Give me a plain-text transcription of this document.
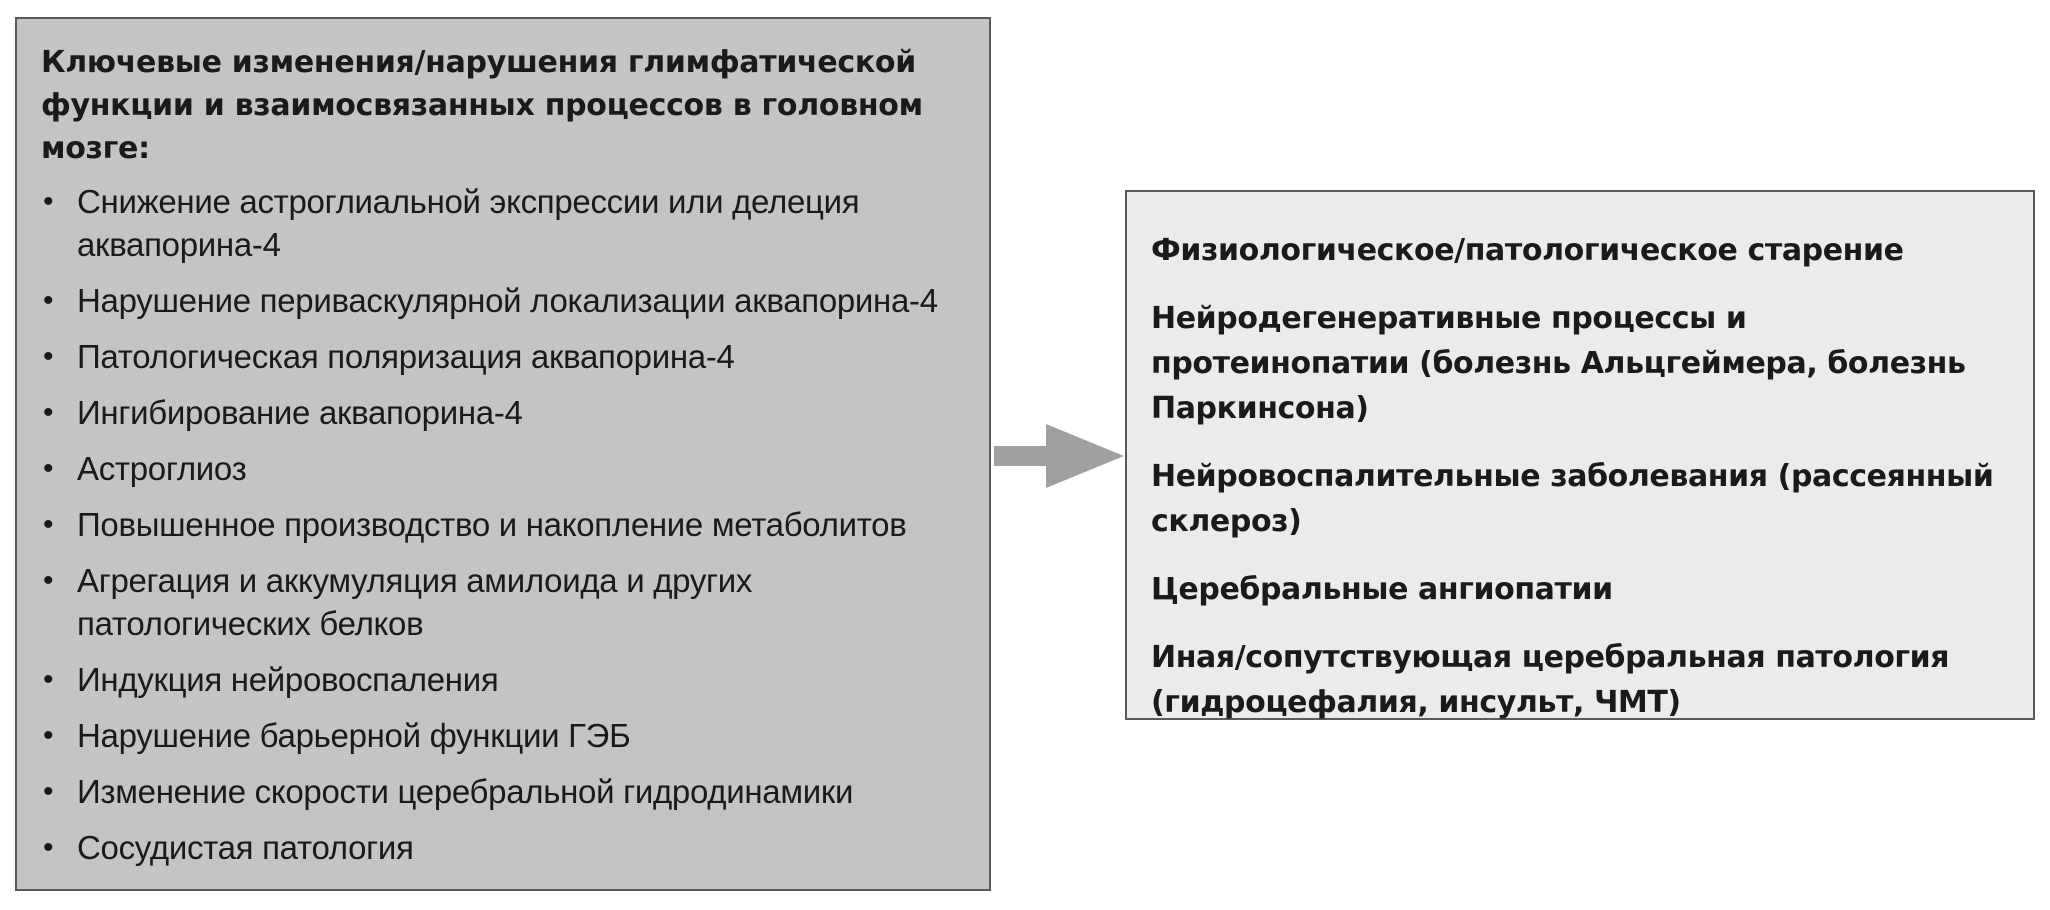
Ключевые изменения/нарушения глимфатической функции и взаимосвязанных процессов в головном мозге:
• Снижение астроглиальной экспрессии или делеция аквапорина-4
• Нарушение периваскулярной локализации аквапорина-4
• Патологическая поляризация аквапорина-4
• Ингибирование аквапорина-4
• Астроглиоз
• Повышенное производство и накопление метаболитов
• Агрегация и аккумуляция амилоида и других патологических белков
• Индукция нейровоспаления
• Нарушение барьерной функции ГЭБ
• Изменение скорости церебральной гидродинамики
• Сосудистая патология
Физиологическое/патологическое старение
Нейродегенеративные процессы и протеинопатии (болезнь Альцгеймера, болезнь Паркинсона)
Нейровоспалительные заболевания (рассеянный склероз)
Церебральные ангиопатии
Иная/сопутствующая церебральная патология (гидроцефалия, инсульт, ЧМТ)
